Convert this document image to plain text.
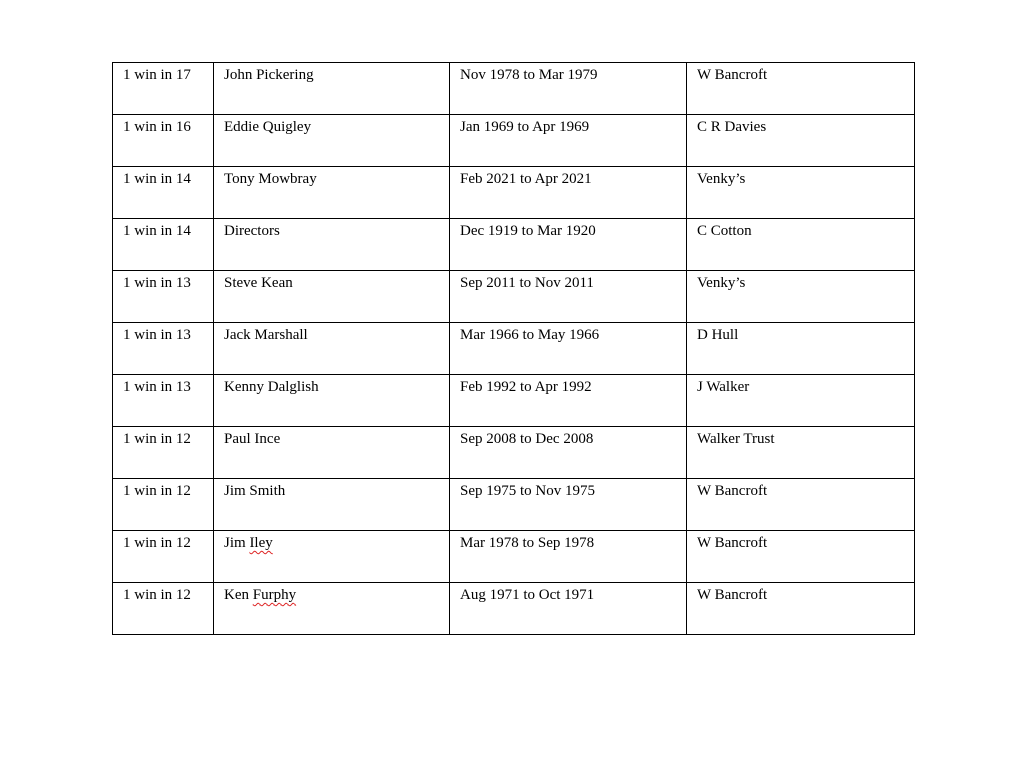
1 win in 17	John Pickering	Nov 1978 to Mar 1979	W Bancroft
1 win in 16	Eddie Quigley	Jan 1969 to Apr 1969	C R Davies
1 win in 14	Tony Mowbray	Feb 2021 to Apr 2021	Venky’s
1 win in 14	Directors	Dec 1919 to Mar 1920	C Cotton
1 win in 13	Steve Kean	Sep 2011 to Nov 2011	Venky’s
1 win in 13	Jack Marshall	Mar 1966 to May 1966	D Hull
1 win in 13	Kenny Dalglish	Feb 1992 to Apr 1992	J Walker
1 win in 12	Paul Ince	Sep 2008 to Dec 2008	Walker Trust
1 win in 12	Jim Smith	Sep 1975 to Nov 1975	W Bancroft
1 win in 12	Jim Iley	Mar 1978 to Sep 1978	W Bancroft
1 win in 12	Ken Furphy	Aug 1971 to Oct 1971	W Bancroft
